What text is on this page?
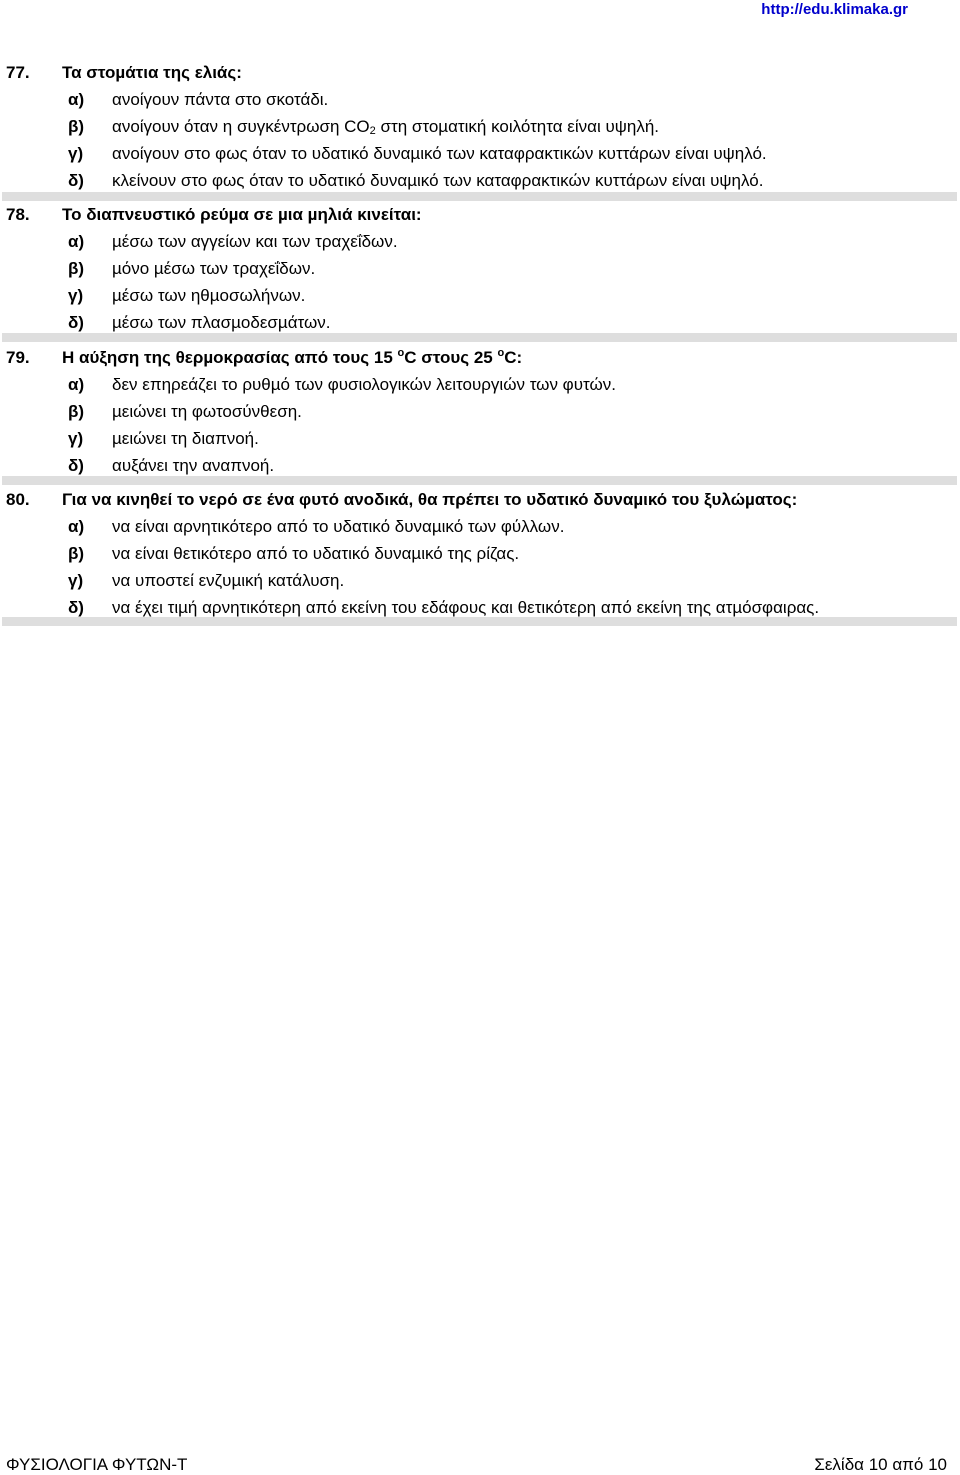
http://edu.klimaka.gr
77. Τα στοµάτια της ελιάς:
α) ανοίγουν πάντα στο σκοτάδι.
β) ανοίγουν όταν η συγκέντρωση $CO_2$ στη στοµατική κοιλότητα είναι υψηλή.
γ) ανοίγουν στο φως όταν το υδατικό δυναµικό των καταφρακτικών κυττάρων είναι υψηλό.
δ) κλείνουν στο φως όταν το υδατικό δυναµικό των καταφρακτικών κυττάρων είναι υψηλό.
78. Το διαπνευστικό ρεύµα σε µια µηλιά κινείται:
α) µέσω των αγγείων και των τραχεΐδων.
β) µόνο µέσω των τραχεΐδων.
γ) µέσω των ηθµοσωλήνων.
δ) µέσω των πλασµοδεσµάτων.
79. Η αύξηση της θερµοκρασίας από τους 15 $^o$C στους 25 $^o$C:
α) δεν επηρεάζει το ρυθµό των φυσιολογικών λειτουργιών των φυτών.
β) µειώνει τη φωτοσύνθεση.
γ) µειώνει τη διαπνοή.
δ) αυξάνει την αναπνοή.
80. Για να κινηθεί το νερό σε ένα φυτό ανοδικά, θα πρέπει το υδατικό δυναµικό του ξυλώµατος:
α) να είναι αρνητικότερο από το υδατικό δυναµικό των φύλλων.
β) να είναι θετικότερο από το υδατικό δυναµικό της ρίζας.
γ) να υποστεί ενζυµική κατάλυση.
δ) να έχει τιµή αρνητικότερη από εκείνη του εδάφους και θετικότερη από εκείνη της ατµόσφαιρας.
ΦΥΣΙΟΛΟΓΙΑ ΦΥΤΩΝ-Τ	Σελίδα 10 από 10
